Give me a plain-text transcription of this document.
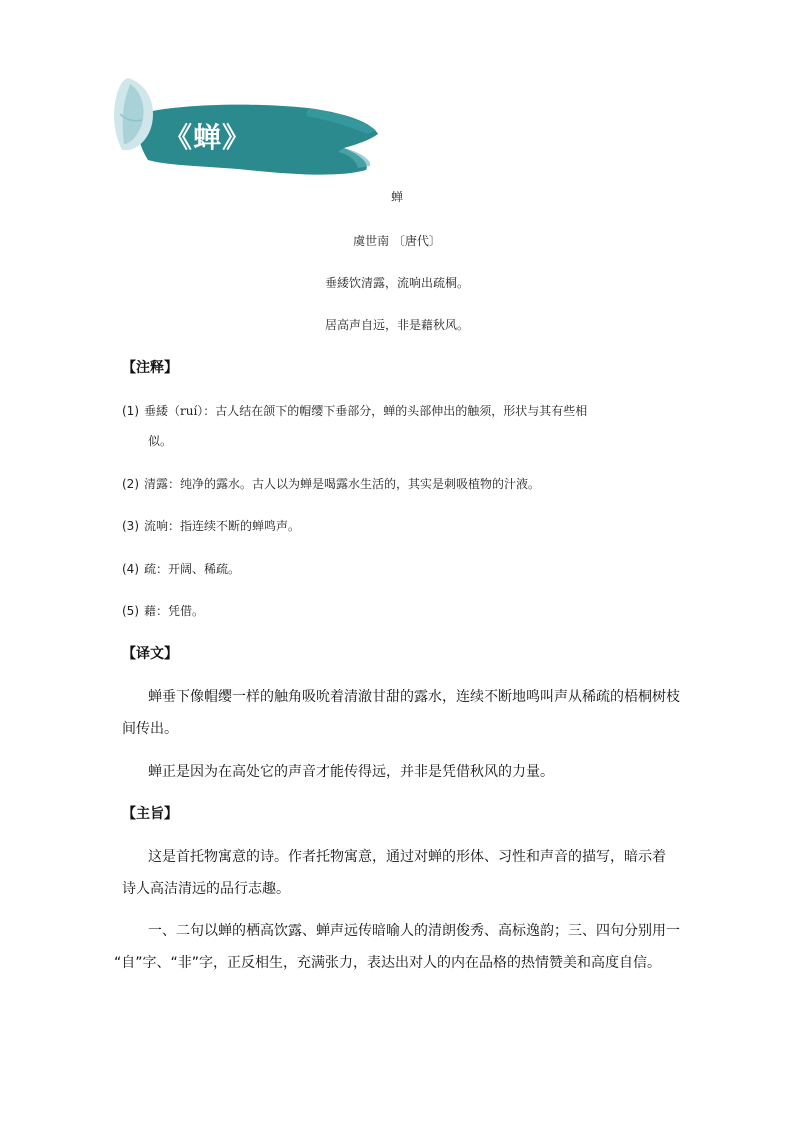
《蝉》
蝉
虞世南 〔唐代〕
垂緌饮清露，流响出疏桐。
居高声自远，非是藉秋风。
【注释】
(1) 垂緌（ruí）：古人结在颌下的帽缨下垂部分，蝉的头部伸出的触须，形状与其有些相
似。
(2) 清露：纯净的露水。古人以为蝉是喝露水生活的，其实是刺吸植物的汁液。
(3) 流响：指连续不断的蝉鸣声。
(4) 疏：开阔、稀疏。
(5) 藉：凭借。
【译文】
蝉垂下像帽缨一样的触角吸吮着清澈甘甜的露水，连续不断地鸣叫声从稀疏的梧桐树枝
间传出。
蝉正是因为在高处它的声音才能传得远，并非是凭借秋风的力量。
【主旨】
这是首托物寓意的诗。作者托物寓意，通过对蝉的形体、习性和声音的描写，暗示着
诗人高洁清远的品行志趣。
一、二句以蝉的栖高饮露、蝉声远传暗喻人的清朗俊秀、高标逸韵；三、四句分别用一
“自”字、“非”字，正反相生，充满张力，表达出对人的内在品格的热情赞美和高度自信。
